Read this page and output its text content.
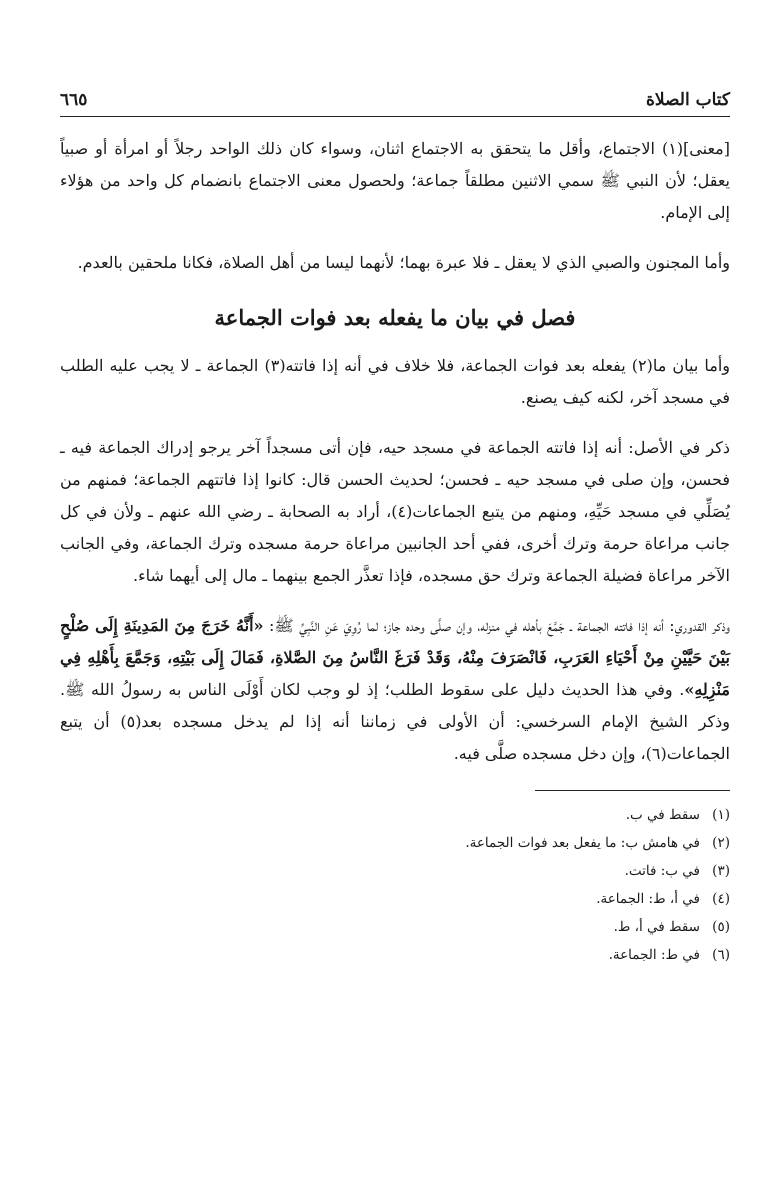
كتاب الصلاة
٦٦٥

[معنى](١) الاجتماع، وأقل ما يتحقق به الاجتماع اثنان، وسواء كان ذلك الواحد رجلاً أو امرأة أو صبياً يعقل؛ لأن النبي ﷺ سمي الاثنين مطلقاً جماعة؛ ولحصول معنى الاجتماع بانضمام كل واحد من هؤلاء إلى الإمام.

وأما المجنون والصبي الذي لا يعقل ـ فلا عبرة بهما؛ لأنهما ليسا من أهل الصلاة، فكانا ملحقين بالعدم.

فصل في بيان ما يفعله بعد فوات الجماعة

وأما بيان ما(٢) يفعله بعد فوات الجماعة، فلا خلاف في أنه إذا فاتته(٣) الجماعة ـ لا يجب عليه الطلب في مسجد آخر، لكنه كيف يصنع.

ذكر في الأصل: أنه إذا فاتته الجماعة في مسجد حيه، فإن أتى مسجداً آخر يرجو إدراك الجماعة فيه ـ فحسن، وإن صلى في مسجد حيه ـ فحسن؛ لحديث الحسن قال: كانوا إذا فاتتهم الجماعة؛ فمنهم من يُصَلِّي في مسجد حَيِّهِ، ومنهم من يتبع الجماعات(٤)، أراد به الصحابة ـ رضي الله عنهم ـ ولأن في كل جانب مراعاة حرمة وترك أخرى، ففي أحد الجانبين مراعاة حرمة مسجده وترك الجماعة، وفي الجانب الآخر مراعاة فضيلة الجماعة وترك حق مسجده، فإذا تعذَّر الجمع بينهما ـ مال إلى أيهما شاء.

وذكر القدوري: أنه إذا فاتته الجماعة ـ جَمَّعَ بأهله في منزله، وإن صلَّى وحده جاز؛ لما رُوِيَ عَنِ النَّبِيِّ ﷺ: «أَنَّهُ خَرَجَ مِنَ المَدِينَةِ إِلَى صُلْحٍ بَيْنَ حَيَّيْنِ مِنْ أَحْيَاءِ العَرَبِ، فَانْصَرَفَ مِنْهُ، وَقَدْ فَرَغَ النَّاسُ مِنَ الصَّلاةِ، فَمَالَ إِلَى بَيْتِهِ، وَجَمَّعَ بِأَهْلِهِ فِي مَنْزِلِهِ». وفي هذا الحديث دليل على سقوط الطلب؛ إذ لو وجب لكان أَوْلَى الناس به رسولُ الله ﷺ. وذكر الشيخ الإمام السرخسي: أن الأولى في زماننا أنه إذا لم يدخل مسجده بعد(٥) أن يتبع الجماعات(٦)، وإن دخل مسجده صلَّى فيه.

(١)سقط في ب.

(٢)في هامش ب: ما يفعل بعد فوات الجماعة.

(٣)في ب: فاتت.

(٤)في أ، ط: الجماعة.

(٥)سقط في أ، ط.

(٦)في ط: الجماعة.
